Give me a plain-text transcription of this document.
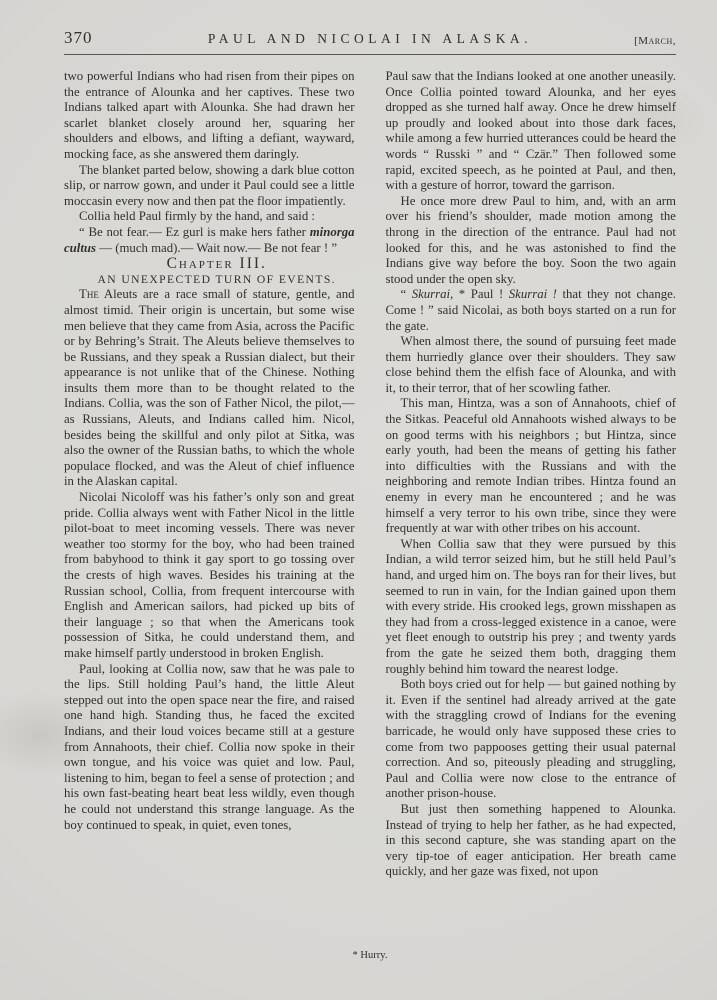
370	PAUL AND NICOLAI IN ALASKA.	[March,

two powerful Indians who had risen from their pipes on the entrance of Alounka and her captives. These two Indians talked apart with Alounka. She had drawn her scarlet blanket closely around her, squaring her shoulders and elbows, and lifting a defiant, wayward, mocking face, as she answered them daringly.

The blanket parted below, showing a dark blue cotton slip, or narrow gown, and under it Paul could see a little moccasin every now and then pat the floor impatiently.

Collia held Paul firmly by the hand, and said :

“ Be not fear.— Ez gurl is make hers father minorga cultus — (much mad).— Wait now.— Be not fear ! ”

Chapter III.

AN UNEXPECTED TURN OF EVENTS.

The Aleuts are a race small of stature, gentle, and almost timid. Their origin is uncertain, but some wise men believe that they came from Asia, across the Pacific or by Behring’s Strait. The Aleuts believe themselves to be Russians, and they speak a Russian dialect, but their appearance is not unlike that of the Chinese. Nothing insults them more than to be thought related to the Indians. Collia, was the son of Father Nicol, the pilot,— as Russians, Aleuts, and Indians called him. Nicol, besides being the skillful and only pilot at Sitka, was also the owner of the Russian baths, to which the whole populace flocked, and was the Aleut of chief influence in the Alaskan capital.

Nicolai Nicoloff was his father’s only son and great pride. Collia always went with Father Nicol in the little pilot-boat to meet incoming vessels. There was never weather too stormy for the boy, who had been trained from babyhood to think it gay sport to go tossing over the crests of high waves. Besides his training at the Russian school, Collia, from frequent intercourse with English and American sailors, had picked up bits of their language ; so that when the Americans took possession of Sitka, he could understand them, and make himself partly understood in broken English.

Paul, looking at Collia now, saw that he was pale to the lips. Still holding Paul’s hand, the little Aleut stepped out into the open space near the fire, and raised one hand high. Standing thus, he faced the excited Indians, and their loud voices became still at a gesture from Annahoots, their chief. Collia now spoke in their own tongue, and his voice was quiet and low. Paul, listening to him, began to feel a sense of protection ; and his own fast-beating heart beat less wildly, even though he could not understand this strange language. As the boy continued to speak, in quiet, even tones,

Paul saw that the Indians looked at one another uneasily. Once Collia pointed toward Alounka, and her eyes dropped as she turned half away. Once he drew himself up proudly and looked about into those dark faces, while among a few hurried utterances could be heard the words “ Russki ” and “ Czär.” Then followed some rapid, excited speech, as he pointed at Paul, and then, with a gesture of horror, toward the garrison.

He once more drew Paul to him, and, with an arm over his friend’s shoulder, made motion among the throng in the direction of the entrance. Paul had not looked for this, and he was astonished to find the Indians give way before the boy. Soon the two again stood under the open sky.

“ Skurrai, * Paul ! Skurrai ! that they not change. Come ! ” said Nicolai, as both boys started on a run for the gate.

When almost there, the sound of pursuing feet made them hurriedly glance over their shoulders. They saw close behind them the elfish face of Alounka, and with it, to their terror, that of her scowling father.

This man, Hintza, was a son of Annahoots, chief of the Sitkas. Peaceful old Annahoots wished always to be on good terms with his neighbors ; but Hintza, since early youth, had been the means of getting his father into difficulties with the Russians and with the neighboring and remote Indian tribes. Hintza found an enemy in every man he encountered ; and he was himself a very terror to his own tribe, since they were frequently at war with other tribes on his account.

When Collia saw that they were pursued by this Indian, a wild terror seized him, but he still held Paul’s hand, and urged him on. The boys ran for their lives, but seemed to run in vain, for the Indian gained upon them with every stride. His crooked legs, grown misshapen as they had from a cross-legged existence in a canoe, were yet fleet enough to outstrip his prey ; and twenty yards from the gate he seized them both, dragging them roughly behind him toward the nearest lodge.

Both boys cried out for help — but gained nothing by it. Even if the sentinel had already arrived at the gate with the straggling crowd of Indians for the evening barricade, he would only have supposed these cries to come from two pappooses getting their usual paternal correction. And so, piteously pleading and struggling, Paul and Collia were now close to the entrance of another prison-house.

But just then something happened to Alounka. Instead of trying to help her father, as he had expected, in this second capture, she was standing apart on the very tip-toe of eager anticipation. Her breath came quickly, and her gaze was fixed, not upon

* Hurry.
